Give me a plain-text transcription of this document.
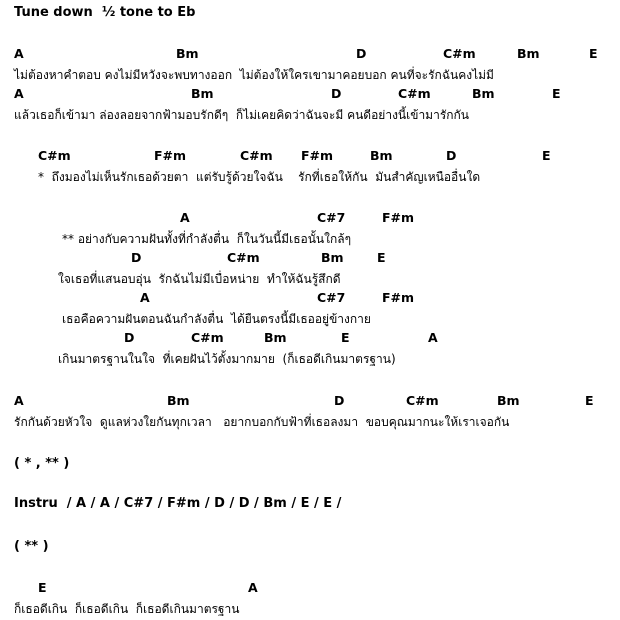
Tune down  ½ tone to Eb
A	Bm	D	C#m	Bm	E
ไม่ต้องหาคำตอบ คงไม่มีหวังจะพบทางออก  ไม่ต้องให้ใครเขามาคอยบอก คนที่จะรักฉันคงไม่มี
A	Bm	D	C#m	Bm	E
แล้วเธอก็เข้ามา ล่องลอยจากฟ้ามอบรักดีๆ  ก็ไม่เคยคิดว่าฉันจะมี คนดีอย่างนี้เข้ามารักกัน
C#m	F#m	C#m F#m	Bm	D	E
*  ถึงมองไม่เห็นรักเธอด้วยตา  แต่รับรู้ด้วยใจฉัน    รักที่เธอให้กัน  มันสำคัญเหนืออื่นใด
A	C#7	F#m
** อย่างกับความฝันทั้งที่กำลังตื่น  ก็ในวันนี้มีเธอนั้นใกล้ๆ
D	C#m	Bm	E
ใจเธอที่แสนอบอุ่น  รักฉันไม่มีเบื่อหน่าย  ทำให้ฉันรู้สึกดี
A	C#7	F#m
เธอคือความฝันตอนฉันกำลังตื่น  ได้ยืนตรงนี้มีเธออยู่ข้างกาย
D	C#m	Bm	E	A
เกินมาตรฐานในใจ  ที่เคยฝันไว้ตั้งมากมาย  (ก็เธอดีเกินมาตรฐาน)
A	Bm	D	C#m	Bm	E
รักกันด้วยหัวใจ  ดูแลห่วงใยกันทุกเวลา   อยากบอกกับฟ้าที่เธอลงมา  ขอบคุณมากนะให้เราเจอกัน
( * , ** )
Instru  / A / A / C#7 / F#m / D / D / Bm / E / E /
( ** )
E	A
ก็เธอดีเกิน  ก็เธอดีเกิน  ก็เธอดีเกินมาตรฐาน
